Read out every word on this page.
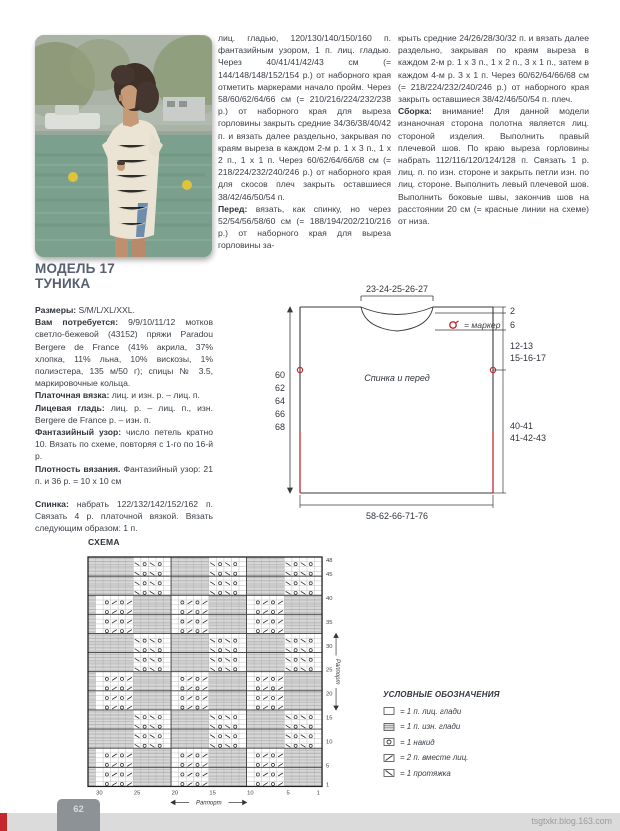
МОДЕЛЬ 17
ТУНИКА

Размеры: S/M/L/XL/XXL.

Вам потребуется: 9/9/10/11/12 мотков светло-бежевой (43152) пряжи Paradou Bergere de France (41% акрила, 37% хлопка, 11% льна, 10% вискозы, 1% полиэстера, 135 м/50 г); спицы № 3.5, маркировочные кольца.

Платочная вязка: лиц. и изн. р. – лиц. п.

Лицевая гладь: лиц. р. – лиц. п., изн. Bergere de France р. – изн. п.

Фантазийный узор: число петель кратно 10. Вязать по схеме, повторяя с 1-го по 16-й р.

Плотность вязания. Фантазийный узор: 21 п. и 36 р. = 10 x 10 см

Спинка: набрать 122/132/142/152/162 п. Связать 4 р. платочной вязкой. Вязать следующим образом: 1 п.

лиц. гладью, 120/130/140/150/160 п. фантазийным узором, 1 п. лиц. гладью. Через 40/41/41/42/43 см (= 144/148/148/152/154 р.) от наборного края отметить маркерами начало пройм. Через 58/60/62/64/66 см (= 210/216/224/232/238 р.) от наборного края для выреза горловины закрыть средние 34/36/38/40/42 п. и вязать далее раздельно, закрывая по краям выреза в каждом 2-м р. 1 x 3 п., 1 x 2 п., 1 x 1 п. Через 60/62/64/66/68 см (= 218/224/232/240/246 р.) от наборного края для скосов плеч закрыть оставшиеся 38/42/46/50/54 п.

Перед: вязать, как спинку, но через 52/54/56/58/60 см (= 188/194/202/210/216 р.) от наборного края для выреза горловины за-

крыть средние 24/26/28/30/32 п. и вязать далее раздельно, закрывая по краям выреза в каждом 2-м р. 1 x 3 п., 1 x 2 п., 3 x 1 п., затем в каждом 4-м р. 3 x 1 п. Через 60/62/64/66/68 см (= 218/224/232/240/246 р.) от наборного края закрыть оставшиеся 38/42/46/50/54 п. плеч.

Сборка: внимание! Для данной модели изнаночная сторона полотна является лиц. стороной изделия. Выполнить правый плечевой шов. По краю выреза горловины набрать 112/116/120/124/128 п. Связать 1 р. лиц. п. по изн. стороне и закрыть петли изн. по лиц. стороне. Выполнить левый плечевой шов. Выполнить боковые швы, закончив шов на расстоянии 20 см (= красные линии на схеме) от низа.

= маркер
23-24-25-26-27
60
62
64
66
68
2
6
12-13
15-16-17
40-41
41-42-43
Спинка и перед
58-62-66-71-76
СХЕМА
48
45
40
35
30
25
20
15
10
5
1
30	25	20	15	10	5	1
Раппорт
Раппорт
УСЛОВНЫЕ ОБОЗНАЧЕНИЯ
= 1 п. лиц. глади
= 1 п. изн. глади
= 1 накид
= 2 п. вместе лиц.
= 1 протяжка
62
tsgtxkr.blog.163.com
